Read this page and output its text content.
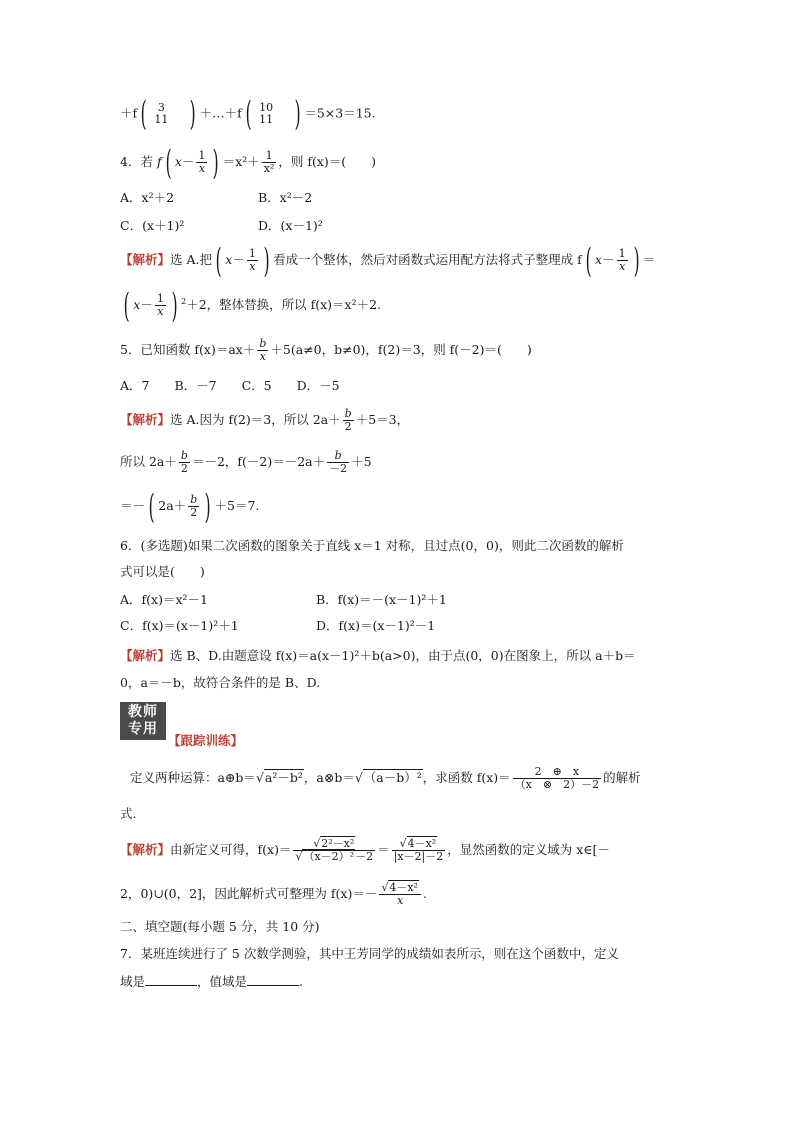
＋f (	3
11 ) ＋…＋f ( 10
11 ) ＝5×3＝15.
4．若 f ( $x- \frac{1}{x}$ ) $=x^2+ \frac{1}{\text{x²}}$ ，则 f(x)＝(　　)
A．x²＋2	B．x²－2
C．(x＋1)²	D．(x－1)²
【解析】选 A.把 ( $x- \frac{1}{x}$ ) 看成一个整体，然后对函数式运用配方法将式子整理成 f ( $x- \frac{1}{x}$ ) ＝
( $x- \frac{1}{x}$ ) $^2$＋2，整体替换，所以 f(x)＝x²＋2.
5．已知函数 $f(x)=ax+ \frac{b}{x} +5(a\ne 0$，b≠0)，f(2)＝3，则 f(－2)＝(　　)
A．7　　B．－7　　C．5　　D．－5
【解析】选 A.因为 f(2)＝3，所以 $2a+ \frac{b}{2} +5=3$，
所以 $2a+ \frac{b}{2} =-2$，$f(-2)=-2a+ \frac{b}{-2} +5$
＝－ ( $2a+ \frac{b}{2}$ ) ＋5＝7.
6．(多选题)如果二次函数的图象关于直线 x＝1 对称，且过点(0，0)，则此二次函数的解析
式可以是(　　)
A．f(x)＝x²－1	B．f(x)＝－(x－1)²＋1
C．f(x)＝(x－1)²＋1	D．f(x)＝(x－1)²－1
【解析】选 B、D.由题意设 f(x)＝a(x－1)²＋b(a>0)，由于点(0，0)在图象上，所以 a＋b＝
0，a＝－b，故符合条件的是 B、D.
教师
专用
【跟踪训练】
定义两种运算：a⊕b＝√a²－b²，a⊗b＝√（a－b）²，求函数 $f(x)= \frac{2 \oplus x}{(x \otimes 2)-2}$ 的解析
式.
【解析】由新定义可得，$f(x)= \frac{\text{√2²－x²}}{\text{√（x－2）²－2}} = \frac{\text{√4－x²}}{|x-2|-2}$ ，显然函数的定义域为 x∈[－
2，0)∪(0，2]，因此解析式可整理为 $f(x)=- \frac{\text{√4－x²}}{x}$ .
二、填空题(每小题 5 分，共 10 分)
7．某班连续进行了 5 次数学测验，其中王芳同学的成绩如表所示，则在这个函数中，定义
域是	，值域是	.
